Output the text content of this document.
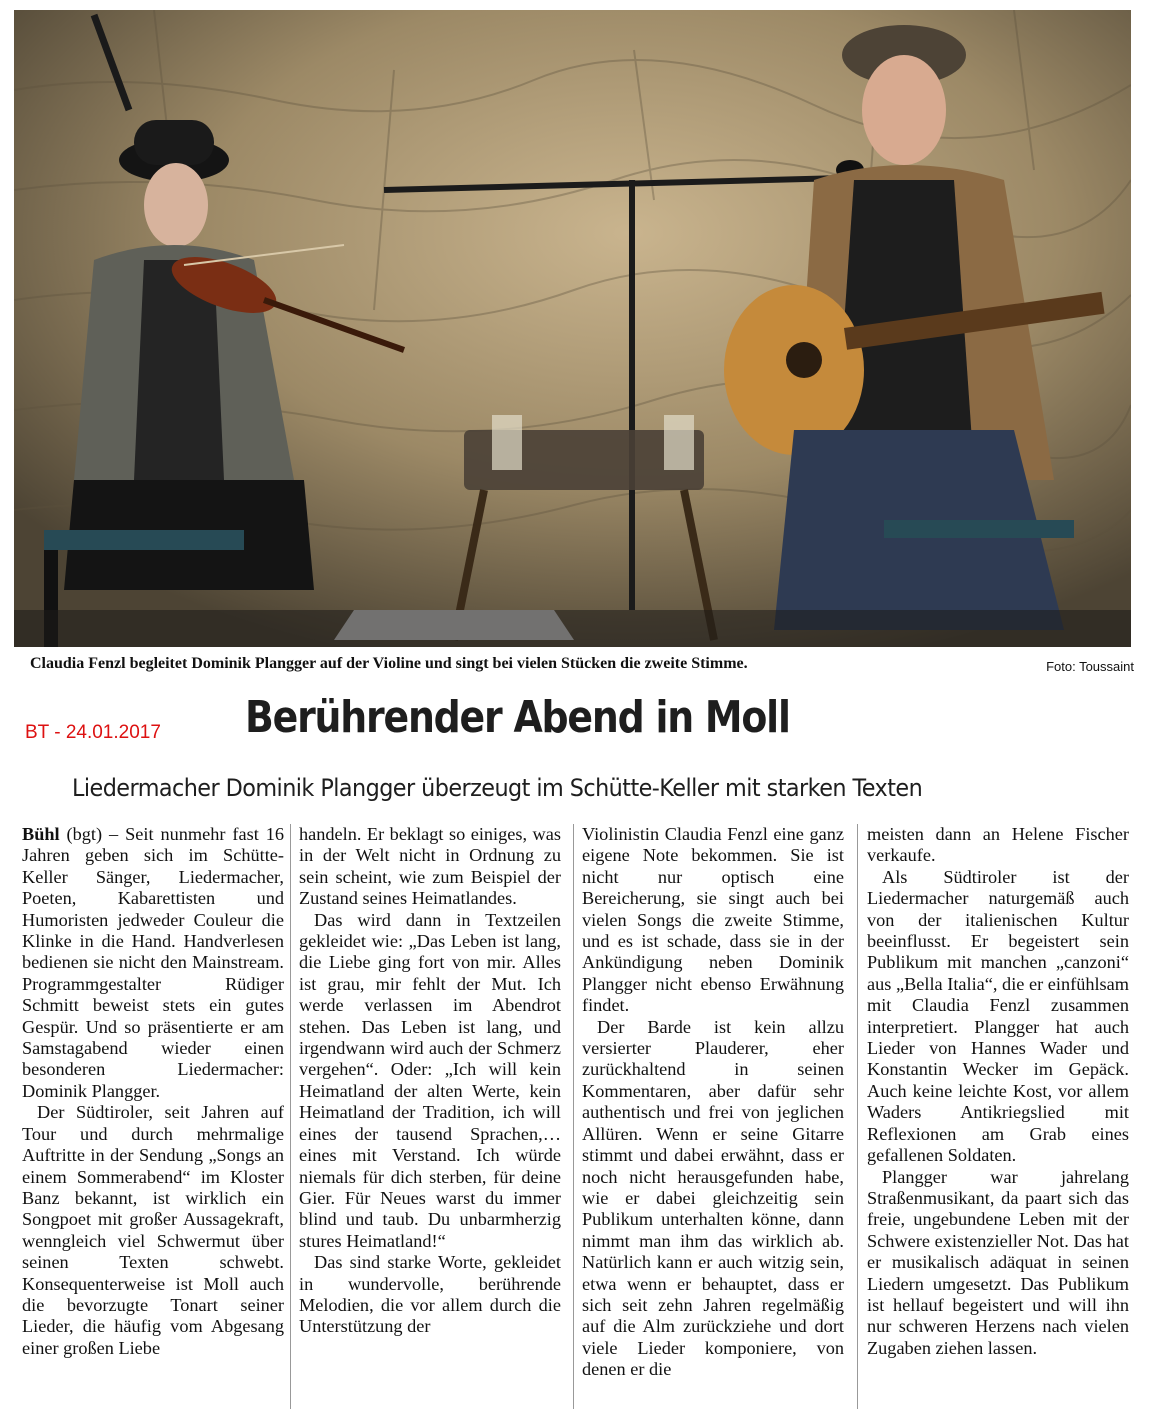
Claudia Fenzl begleitet Dominik Plangger auf der Violine und singt bei vielen Stücken die zweite Stimme.	Foto: Toussaint
BT - 24.01.2017 Berührender Abend in Moll
Liedermacher Dominik Plangger überzeugt im Schütte-Keller mit starken Texten

Bühl (bgt) – Seit nunmehr fast 16 Jahren geben sich im Schütte-Keller Sänger, Liedermacher, Poeten, Kabarettisten und Humoristen jedweder Couleur die Klinke in die Hand. Handverlesen bedienen sie nicht den Mainstream. Programmgestalter Rüdiger Schmitt beweist stets ein gutes Gespür. Und so präsentierte er am Samstagabend wieder einen besonderen Liedermacher: Dominik Plangger.

Der Südtiroler, seit Jahren auf Tour und durch mehrmalige Auftritte in der Sendung „Songs an einem Sommerabend“ im Kloster Banz bekannt, ist wirklich ein Songpoet mit großer Aussagekraft, wenngleich viel Schwermut über seinen Texten schwebt. Konsequenterweise ist Moll auch die bevorzugte Tonart seiner Lieder, die häufig vom Abgesang einer großen Liebe

handeln. Er beklagt so einiges, was in der Welt nicht in Ordnung zu sein scheint, wie zum Beispiel der Zustand seines Heimatlandes.

Das wird dann in Textzeilen gekleidet wie: „Das Leben ist lang, die Liebe ging fort von mir. Alles ist grau, mir fehlt der Mut. Ich werde verlassen im Abendrot stehen. Das Leben ist lang, und irgendwann wird auch der Schmerz vergehen“. Oder: „Ich will kein Heimatland der alten Werte, kein Heimatland der Tradition, ich will eines der tausend Sprachen,… eines mit Verstand. Ich würde niemals für dich sterben, für deine Gier. Für Neues warst du immer blind und taub. Du unbarmherzig stures Heimatland!“

Das sind starke Worte, gekleidet in wundervolle, berührende Melodien, die vor allem durch die Unterstützung der

Violinistin Claudia Fenzl eine ganz eigene Note bekommen. Sie ist nicht nur optisch eine Bereicherung, sie singt auch bei vielen Songs die zweite Stimme, und es ist schade, dass sie in der Ankündigung neben Dominik Plangger nicht ebenso Erwähnung findet.

Der Barde ist kein allzu versierter Plauderer, eher zurückhaltend in seinen Kommentaren, aber dafür sehr authentisch und frei von jeglichen Allüren. Wenn er seine Gitarre stimmt und dabei erwähnt, dass er noch nicht herausgefunden habe, wie er dabei gleichzeitig sein Publikum unterhalten könne, dann nimmt man ihm das wirklich ab. Natürlich kann er auch witzig sein, etwa wenn er behauptet, dass er sich seit zehn Jahren regelmäßig auf die Alm zurückziehe und dort viele Lieder komponiere, von denen er die

meisten dann an Helene Fischer verkaufe.

Als Südtiroler ist der Liedermacher naturgemäß auch von der italienischen Kultur beeinflusst. Er begeistert sein Publikum mit manchen „canzoni“ aus „Bella Italia“, die er einfühlsam mit Claudia Fenzl zusammen interpretiert. Plangger hat auch Lieder von Hannes Wader und Konstantin Wecker im Gepäck. Auch keine leichte Kost, vor allem Waders Antikriegslied mit Reflexionen am Grab eines gefallenen Soldaten.

Plangger war jahrelang Straßenmusikant, da paart sich das freie, ungebundene Leben mit der Schwere existenzieller Not. Das hat er musikalisch adäquat in seinen Liedern umgesetzt. Das Publikum ist hellauf begeistert und will ihn nur schweren Herzens nach vielen Zugaben ziehen lassen.
